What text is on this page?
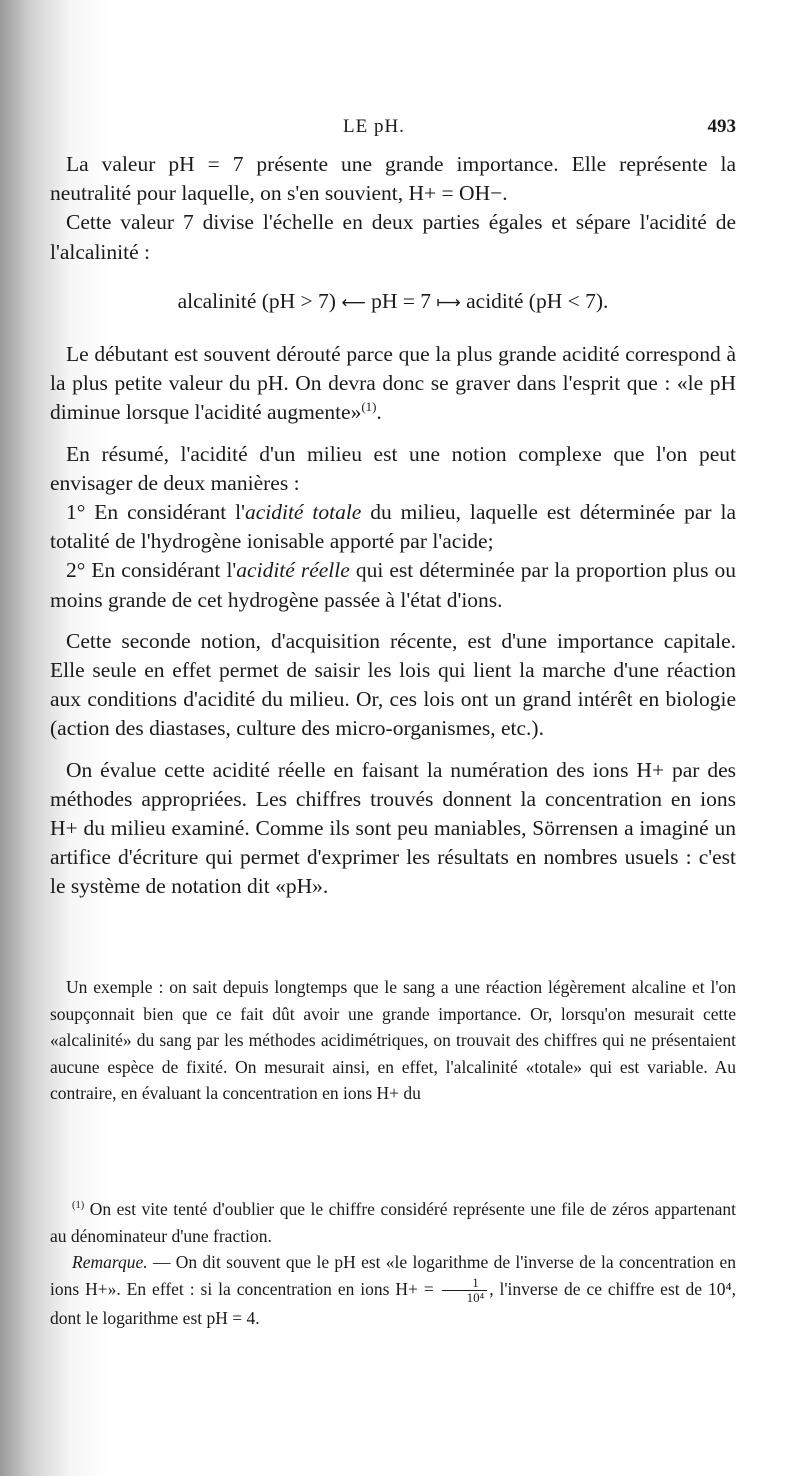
LE pH.	493

La valeur pH = 7 présente une grande importance. Elle représente la neutralité pour laquelle, on s'en souvient, H+ = OH−.

Cette valeur 7 divise l'échelle en deux parties égales et sépare l'acidité de l'alcalinité :

alcalinité (pH > 7) ⟵ pH = 7 ⟼ acidité (pH < 7).

Le débutant est souvent dérouté parce que la plus grande acidité correspond à la plus petite valeur du pH. On devra donc se graver dans l'esprit que : «le pH diminue lorsque l'acidité augmente»$^{(1)}$.

En résumé, l'acidité d'un milieu est une notion complexe que l'on peut envisager de deux manières :

1° En considérant l'acidité totale du milieu, laquelle est déterminée par la totalité de l'hydrogène ionisable apporté par l'acide;

2° En considérant l'acidité réelle qui est déterminée par la proportion plus ou moins grande de cet hydrogène passée à l'état d'ions.

Cette seconde notion, d'acquisition récente, est d'une importance capitale. Elle seule en effet permet de saisir les lois qui lient la marche d'une réaction aux conditions d'acidité du milieu. Or, ces lois ont un grand intérêt en biologie (action des diastases, culture des micro-organismes, etc.).

On évalue cette acidité réelle en faisant la numération des ions H+ par des méthodes appropriées. Les chiffres trouvés donnent la concentration en ions H+ du milieu examiné. Comme ils sont peu maniables, Sörrensen a imaginé un artifice d'écriture qui permet d'exprimer les résultats en nombres usuels : c'est le système de notation dit «pH».

Un exemple : on sait depuis longtemps que le sang a une réaction légèrement alcaline et l'on soupçonnait bien que ce fait dût avoir une grande importance. Or, lorsqu'on mesurait cette «alcalinité» du sang par les méthodes acidimétriques, on trouvait des chiffres qui ne présentaient aucune espèce de fixité. On mesurait ainsi, en effet, l'alcalinité «totale» qui est variable. Au contraire, en évaluant la concentration en ions H+ du

$^{(1)}$ On est vite tenté d'oublier que le chiffre considéré représente une file de zéros appartenant au dénominateur d'une fraction.

Remarque. — On dit souvent que le pH est «le logarithme de l'inverse de la concentration en ions H+». En effet : si la concentration en ions $H+ = \frac{1}{\text{10⁴}}$ , l'inverse de ce chiffre est de 10⁴, dont le logarithme est pH = 4.
